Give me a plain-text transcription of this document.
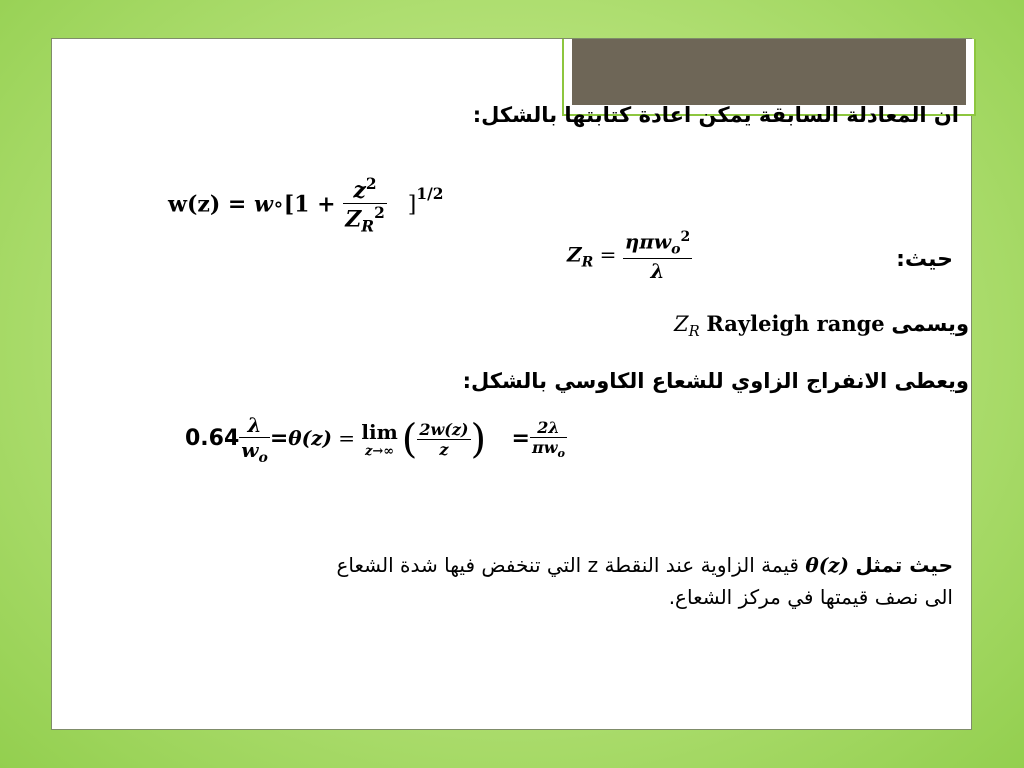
ان المعادلة السابقة يمكن اعادة كتابتها بالشكل:
w(z) = w∘[1 + $\frac{z^2}{Z_R^2} ]^{1/2}$
حيث:
$Z_R = \frac{\eta\pi w_o^2}{\lambda}$
ويسمى $Z_R$ Rayleigh range
ويعطى الانفراج الزاوي للشعاع الكاوسي بالشكل:
$0.64 \frac{\lambda}{w_o} =\theta(z) = \lim$
z→∞ ( $\frac{2w(z)}{z}$ ) = $\frac{2\lambda}{\pi w_o}$
حيث تمثل θ(z) قيمة الزاوية عند النقطة z التي تنخفض فيها شدة الشعاع
الى نصف قيمتها في مركز الشعاع.
